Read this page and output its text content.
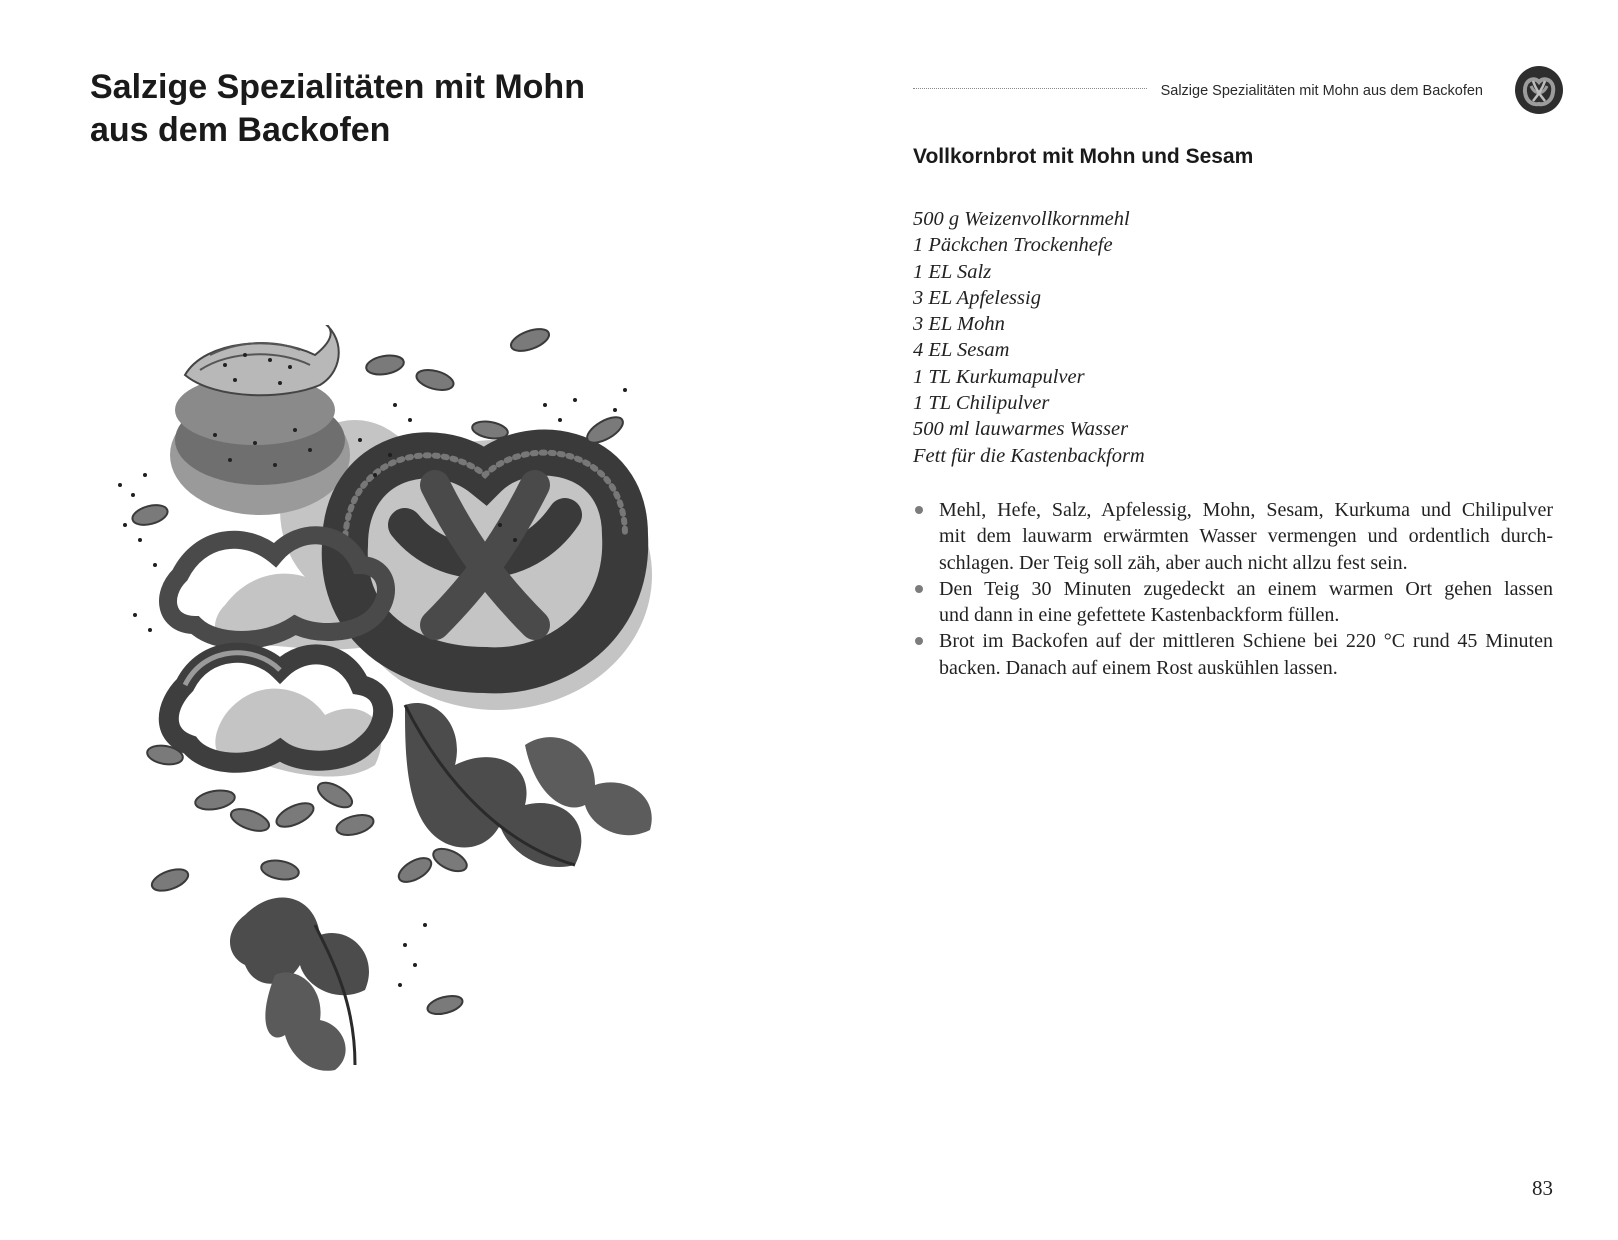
Salzige Spezialitäten mit Mohn
aus dem Backofen
Salzige Spezialitäten mit Mohn aus dem Backofen
Vollkornbrot mit Mohn und Sesam
500 g Weizenvollkornmehl
1 Päckchen Trockenhefe
1 EL Salz
3 EL Apfelessig
3 EL Mohn
4 EL Sesam
1 TL Kurkumapulver
1 TL Chilipulver
500 ml lauwarmes Wasser
Fett für die Kastenbackform
Mehl, Hefe, Salz, Apfelessig, Mohn, Sesam, Kurkuma und Chilipulver
mit dem lauwarm erwärmten Wasser vermengen und ordentlich durch-
schlagen. Der Teig soll zäh, aber auch nicht allzu fest sein.
Den Teig 30 Minuten zugedeckt an einem warmen Ort gehen lassen
und dann in eine gefettete Kastenbackform füllen.
Brot im Backofen auf der mittleren Schiene bei 220 °C rund 45 Minuten
backen. Danach auf einem Rost auskühlen lassen.
83
